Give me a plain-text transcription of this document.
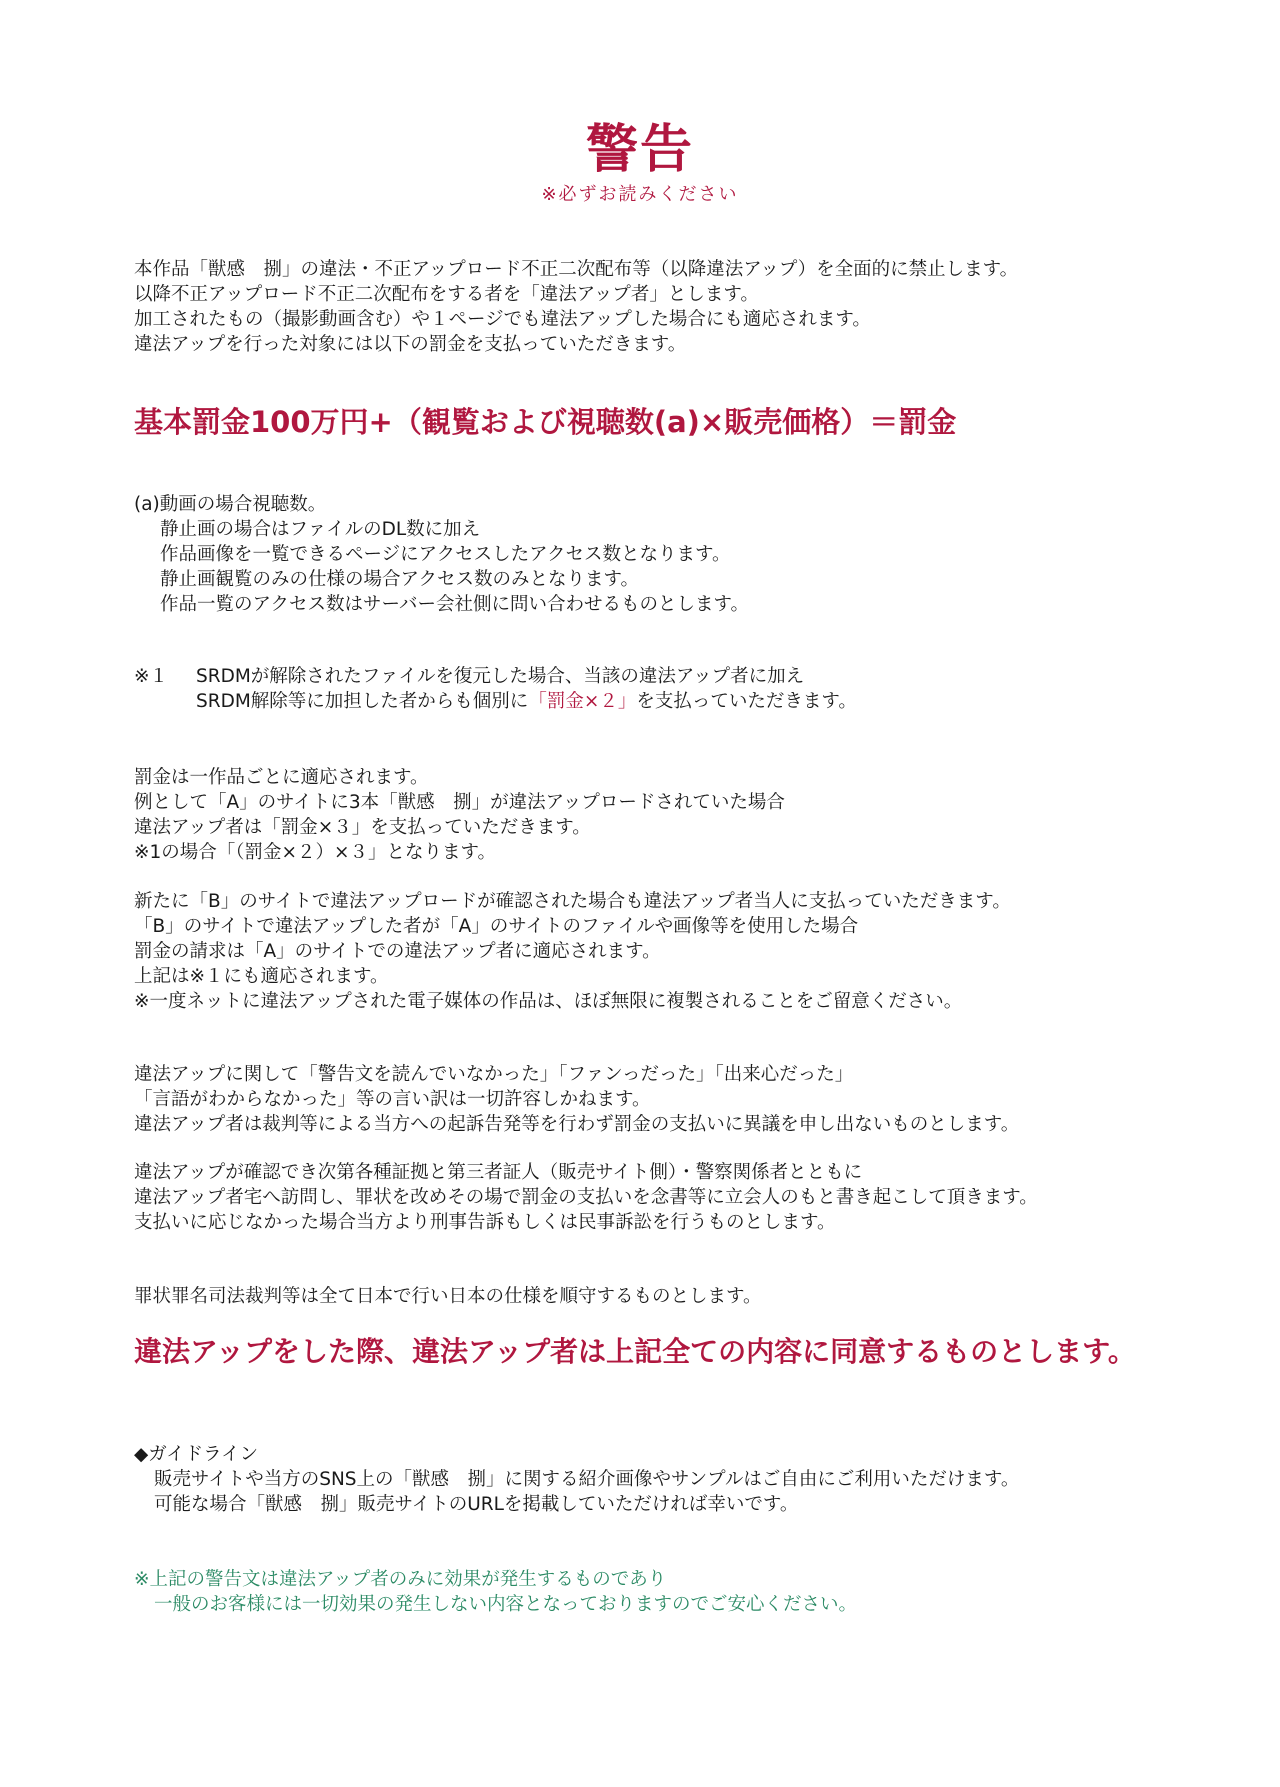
警告
※必ずお読みください
本作品「獣感　捌」の違法・不正アップロード不正二次配布等（以降違法アップ）を全面的に禁止します。
以降不正アップロード不正二次配布をする者を「違法アップ者」とします。
加工されたもの（撮影動画含む）や１ページでも違法アップした場合にも適応されます。
違法アップを行った対象には以下の罰金を支払っていただきます。
基本罰金100万円+（観覧および視聴数(a)×販売価格）＝罰金
(a)動画の場合視聴数。
静止画の場合はファイルのDL数に加え
作品画像を一覧できるページにアクセスしたアクセス数となります。
静止画観覧のみの仕様の場合アクセス数のみとなります。
作品一覧のアクセス数はサーバー会社側に問い合わせるものとします。
※１ SRDMが解除されたファイルを復元した場合、当該の違法アップ者に加え
SRDM解除等に加担した者からも個別に「罰金×２」を支払っていただきます。
罰金は一作品ごとに適応されます。
例として「A」のサイトに3本「獣感　捌」が違法アップロードされていた場合
違法アップ者は「罰金×３」を支払っていただきます。
※1の場合「（罰金×２）×３」となります。
新たに「B」のサイトで違法アップロードが確認された場合も違法アップ者当人に支払っていただきます。
「B」のサイトで違法アップした者が「A」のサイトのファイルや画像等を使用した場合
罰金の請求は「A」のサイトでの違法アップ者に適応されます。
上記は※１にも適応されます。
※一度ネットに違法アップされた電子媒体の作品は、ほぼ無限に複製されることをご留意ください。
違法アップに関して「警告文を読んでいなかった」「ファンっだった」「出来心だった」
「言語がわからなかった」等の言い訳は一切許容しかねます。
違法アップ者は裁判等による当方への起訴告発等を行わず罰金の支払いに異議を申し出ないものとします。
違法アップが確認でき次第各種証拠と第三者証人（販売サイト側）・警察関係者とともに
違法アップ者宅へ訪問し、罪状を改めその場で罰金の支払いを念書等に立会人のもと書き起こして頂きます。
支払いに応じなかった場合当方より刑事告訴もしくは民事訴訟を行うものとします。
罪状罪名司法裁判等は全て日本で行い日本の仕様を順守するものとします。
違法アップをした際、違法アップ者は上記全ての内容に同意するものとします。
◆ガイドライン
販売サイトや当方のSNS上の「獣感　捌」に関する紹介画像やサンプルはご自由にご利用いただけます。
可能な場合「獣感　捌」販売サイトのURLを掲載していただければ幸いです。
※上記の警告文は違法アップ者のみに効果が発生するものであり
一般のお客様には一切効果の発生しない内容となっておりますのでご安心ください。
